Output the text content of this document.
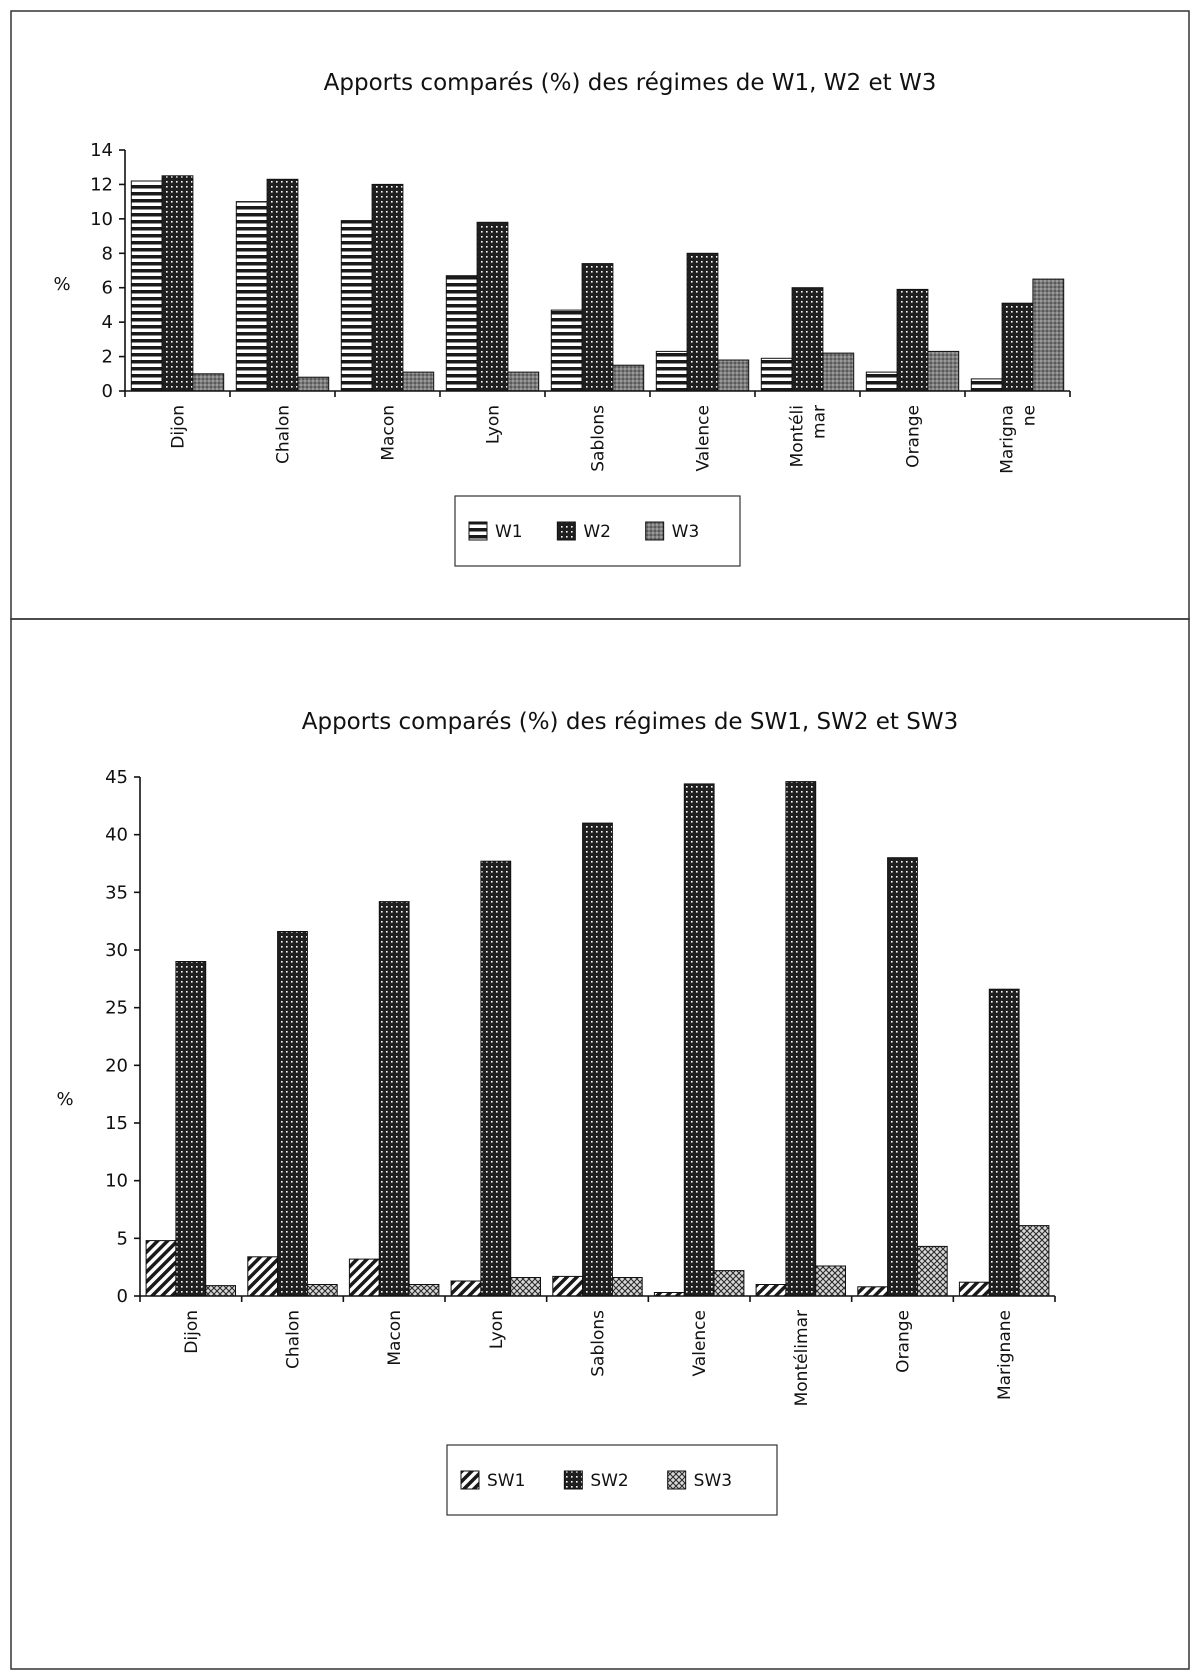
Apports comparés (%) des régimes de W1, W2 et W3
%
0
2
4
6
8
10
12
14
Dijon	Chalon	Macon	Lyon	Sablons	Valence	Montéli mar	Orange	Marigna ne
W1	W2	W3
Apports comparés (%) des régimes de SW1, SW2 et SW3
%
0
5
10
15
20
25
30
35
40
45
Dijon	Chalon	Macon	Lyon	Sablons	Valence	Montélimar	Orange	Marignane
SW1	SW2	SW3
